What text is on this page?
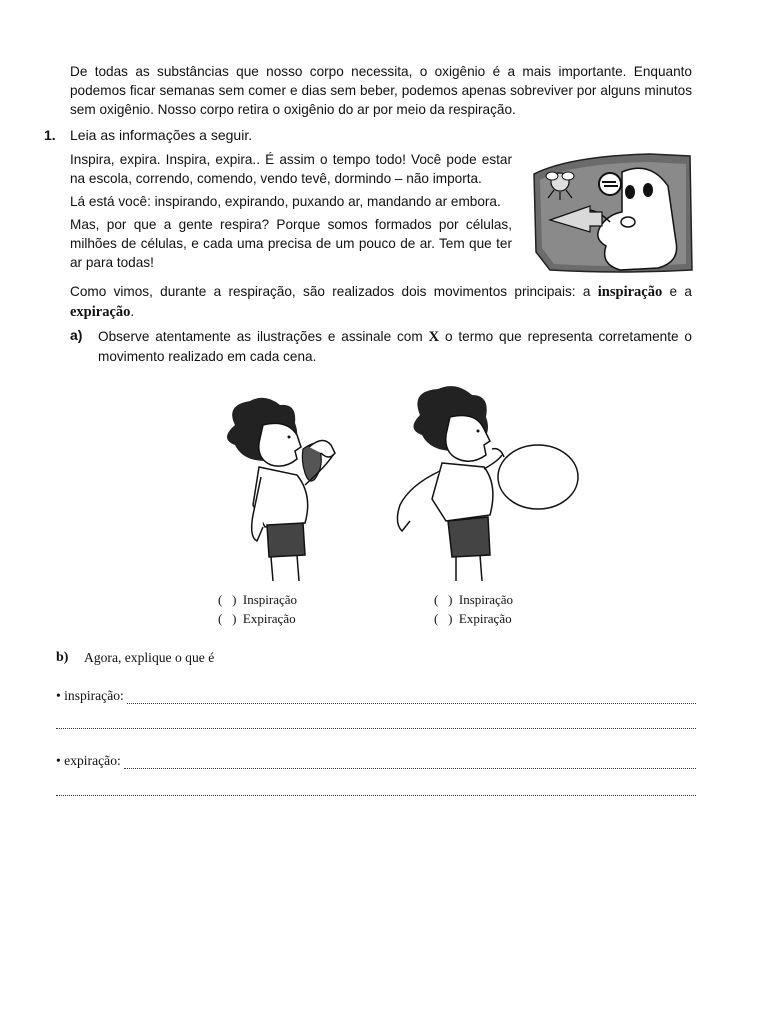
De todas as substâncias que nosso corpo necessita, o oxigênio é a mais importante. Enquanto podemos ficar semanas sem comer e dias sem beber, podemos apenas sobreviver por alguns minutos sem oxigênio. Nosso corpo retira o oxigênio do ar por meio da respiração.
1. Leia as informações a seguir.
Inspira, expira. Inspira, expira.. É assim o tempo todo! Você pode estar na escola, correndo, comendo, vendo tevê, dormindo – não importa.
Lá está você: inspirando, expirando, puxando ar, mandando ar embora.
Mas, por que a gente respira? Porque somos formados por células, milhões de células, e cada uma precisa de um pouco de ar. Tem que ter ar para todas!
Como vimos, durante a respiração, são realizados dois movimentos principais: a inspiração e a expiração.
a) Observe atentamente as ilustrações e assinale com X o termo que representa corretamente o movimento realizado em cada cena.
(   )  Inspiração
(   )  Expiração
(   )  Inspiração
(   )  Expiração
b) Agora, explique o que é
• inspiração:
• expiração:
